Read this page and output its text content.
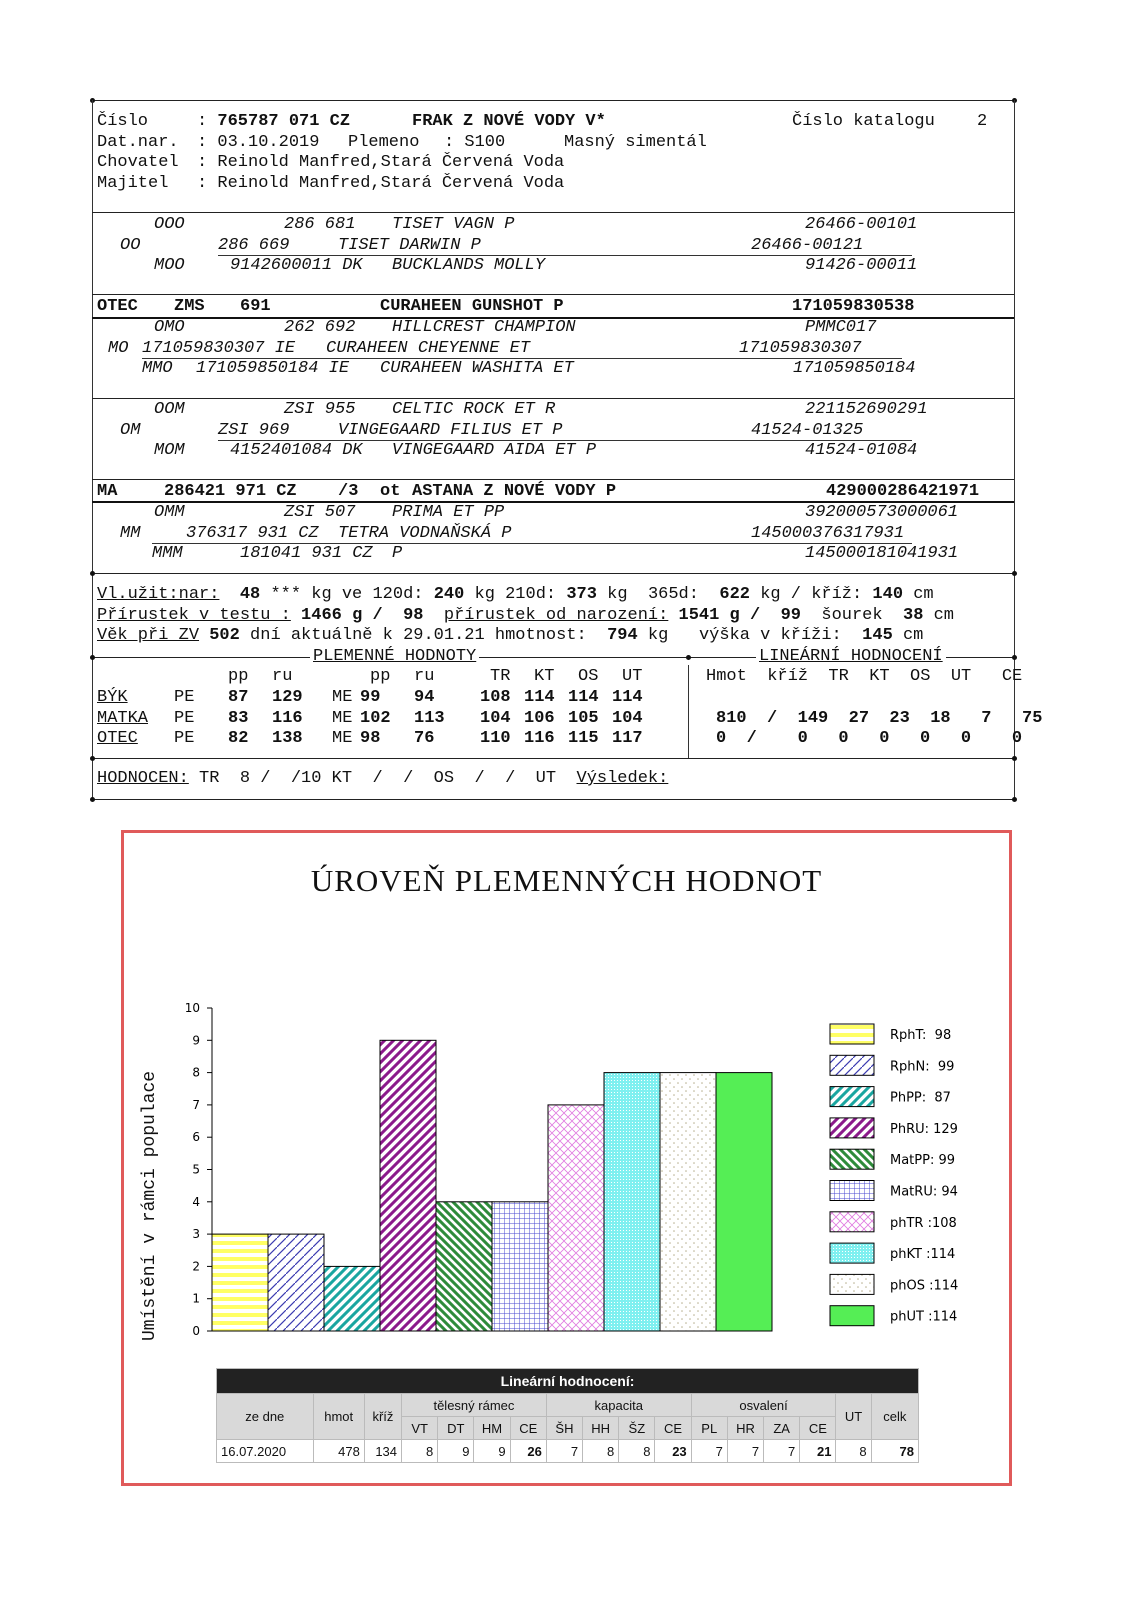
Číslo	: 765787 071 CZ	FRAK Z NOVÉ VODY V*	Číslo katalogu 2
Dat.nar. : 03.10.2019 Plemeno : S100	Masný simentál
Chovatel : Reinold Manfred,Stará Červená Voda
Majitel : Reinold Manfred,Stará Červená Voda
OOO	286 681 TISET VAGN P	26466-00101
OO	286 669	TISET DARWIN P	26466-00121
MOO	9142600011 DK BUCKLANDS MOLLY	91426-00011
OTEC ZMS 691	CURAHEEN GUNSHOT P	171059830538
OMO	262 692 HILLCREST CHAMPION	PMMC017
MO 171059830307 IE CURAHEEN CHEYENNE ET	171059830307
MMO 171059850184 IE CURAHEEN WASHITA ET	171059850184
OOM	ZSI 955 CELTIC ROCK ET R	221152690291
OM	ZSI 969	VINGEGAARD FILIUS ET P	41524-01325
MOM	4152401084 DK VINGEGAARD AIDA ET P	41524-01084
MA	286421 971 CZ /3 ot ASTANA Z NOVÉ VODY P	429000286421971
OMM	ZSI 507 PRIMA ET PP	392000573000061
MM	376317 931 CZ TETRA VODNAŇSKÁ P	145000376317931
MMM	181041 931 CZ P	145000181041931
Vl.užit:nar: 48 *** kg ve 120d: 240 kg 210d: 373 kg 365d: 622 kg / kříž: 140 cm
Přírustek v testu : 1466 g / 98 přírustek od narození: 1541 g / 99 šourek 38 cm
Věk při ZV 502 dní aktuálně k 29.01.21 hmotnost: 794 kg výška v kříži: 145 cm
PLEMENNÉ HODNOTY	LINEÁRNÍ HODNOCENÍ
pp ru	pp ru	TR KT OS UT	Hmot  kříž  TR  KT  OS  UT   CE
BÝK	PE 87 129 ME 99 94	108 114 114 114
MATKA PE 83 116 ME 102 113 104 106 105 104	810  /  149  27  23  18   7   75
OTEC PE 82 138 ME 98 76	110 116 115 117	0  /    0   0   0   0   0    0
HODNOCEN: TR  8 /  /10 KT  /  /  OS  /  /  UT  Výsledek:
ÚROVEŇ PLEMENNÝCH HODNOT
Umístění v rámci populace	0
1
2
3
4
5
6
7
8
9
10
RphT:  98
RphN:  99
PhPP:  87
PhRU: 129
MatPP: 99
MatRU: 94
phTR :108
phKT :114
phOS :114
phUT :114
Lineární hodnocení:																
ze dne	hmot	kříž	tělesný rámec				kapacita				osvalení				UT	celk
			VT	DT	HM	CE	ŠH	HH	ŠZ	CE	PL	HR	ZA	CE		
16.07.2020	478	134	8	9	9	26	7	8	8	23	7	7	7	21	8	78
